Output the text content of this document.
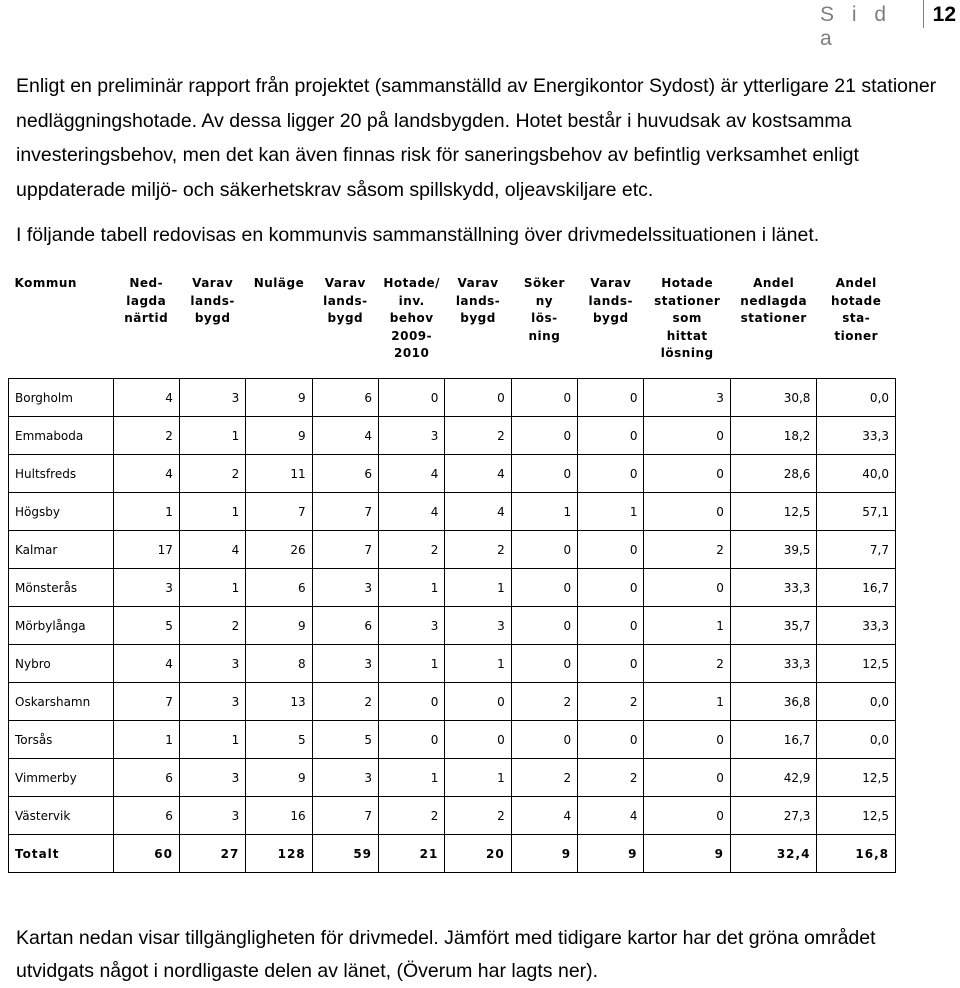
S i d a
12

Enligt en preliminär rapport från projektet (sammanställd av Energikontor Sydost) är ytterligare 21 stationer nedläggningshotade. Av dessa ligger 20 på landsbygden. Hotet består i huvudsak av kostsamma investeringsbehov, men det kan även finnas risk för saneringsbehov av befintlig verksamhet enligt uppdaterade miljö- och säkerhetskrav såsom spillskydd, oljeavskiljare etc.

I följande tabell redovisas en kommunvis sammanställning över drivmedelssituationen i länet.

Kommun	Ned-
lagda
närtid	Varav
lands-
bygd	Nuläge	Varav
lands-
bygd	Hotade/
inv.
behov
2009-
2010	Varav
lands-
bygd	Söker
ny
lös-
ning	Varav
lands-
bygd	Hotade
stationer
som
hittat
lösning	Andel
nedlagda
stationer	Andel
hotade
sta-
tioner
Borgholm	4	3	9	6	0	0	0	0	3	30,8	0,0
Emmaboda	2	1	9	4	3	2	0	0	0	18,2	33,3
Hultsfreds	4	2	11	6	4	4	0	0	0	28,6	40,0
Högsby	1	1	7	7	4	4	1	1	0	12,5	57,1
Kalmar	17	4	26	7	2	2	0	0	2	39,5	7,7
Mönsterås	3	1	6	3	1	1	0	0	0	33,3	16,7
Mörbylånga	5	2	9	6	3	3	0	0	1	35,7	33,3
Nybro	4	3	8	3	1	1	0	0	2	33,3	12,5
Oskarshamn	7	3	13	2	0	0	2	2	1	36,8	0,0
Torsås	1	1	5	5	0	0	0	0	0	16,7	0,0
Vimmerby	6	3	9	3	1	1	2	2	0	42,9	12,5
Västervik	6	3	16	7	2	2	4	4	0	27,3	12,5
Totalt	60	27	128	59	21	20	9	9	9	32,4	16,8

Kartan nedan visar tillgängligheten för drivmedel. Jämfört med tidigare kartor har det gröna området utvidgats något i nordligaste delen av länet, (Överum har lagts ner).
